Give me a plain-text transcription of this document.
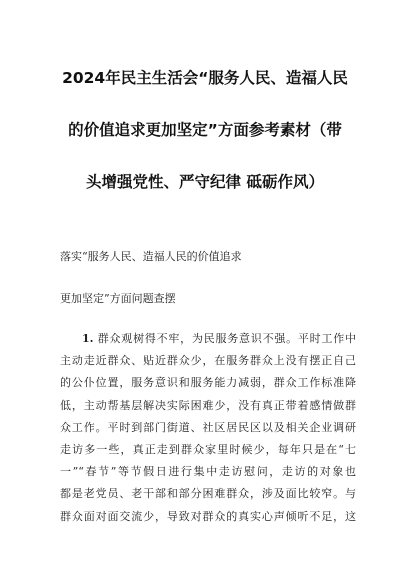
2024年民主生活会“服务人民、造福人民
的价值追求更加坚定”方面参考素材（带
头增强党性、严守纪律 砥砺作风）
落实“服务人民、造福人民的价值追求
更加坚定”方面问题查摆
1. 群众观树得不牢，为民服务意识不强。平时工作中
主动走近群众、贴近群众少，在服务群众上没有摆正自己
的公仆位置，服务意识和服务能力减弱，群众工作标准降
低，主动帮基层解决实际困难少，没有真正带着感情做群
众工作。平时到部门街道、社区居民区以及相关企业调研
走访多一些，真正走到群众家里时候少，每年只是在“七
一”“春节”等节假日进行集中走访慰问，走访的对象也
都是老党员、老干部和部分困难群众，涉及面比较窄。与
群众面对面交流少，导致对群众的真实心声倾听不足，这
